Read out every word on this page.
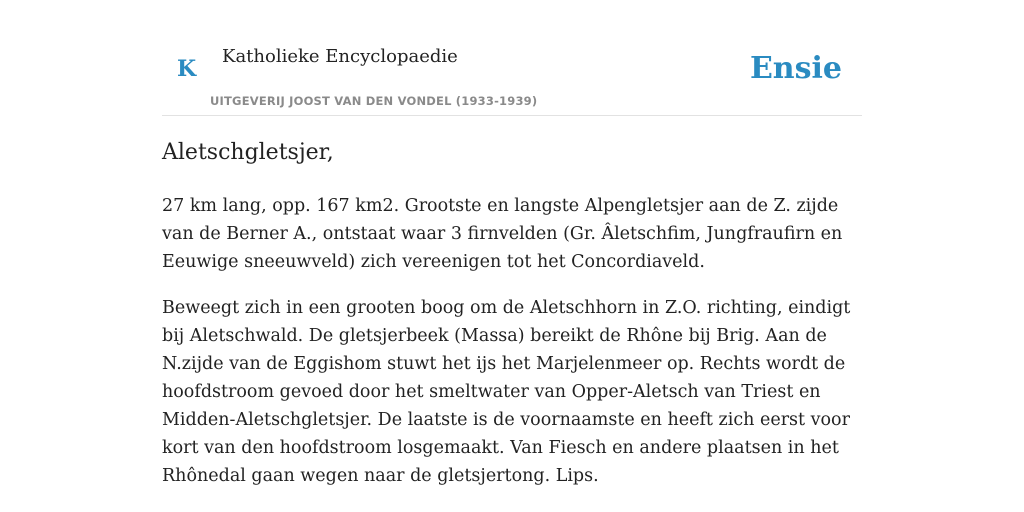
K Katholieke Encyclopaedie
UITGEVERIJ JOOST VAN DEN VONDEL (1933-1939)
Ensie
Aletschgletsjer,

27 km lang, opp. 167 km2. Grootste en langste Alpengletsjer aan de Z. zijde van de Berner A., ontstaat waar 3 firnvelden (Gr. Âletschfim, Jungfraufirn en Eeuwige sneeuwveld) zich vereenigen tot het Concordiaveld.

Beweegt zich in een grooten boog om de Aletschhorn in Z.O. richting, eindigt bij Aletschwald. De gletsjerbeek (Massa) bereikt de Rhône bij Brig. Aan de N.zijde van de Eggishom stuwt het ijs het Marjelenmeer op. Rechts wordt de hoofdstroom gevoed door het smeltwater van Opper-Aletsch van Triest en Midden-Aletschgletsjer. De laatste is de voornaamste en heeft zich eerst voor kort van den hoofdstroom losgemaakt. Van Fiesch en andere plaatsen in het Rhônedal gaan wegen naar de gletsjertong. Lips.
